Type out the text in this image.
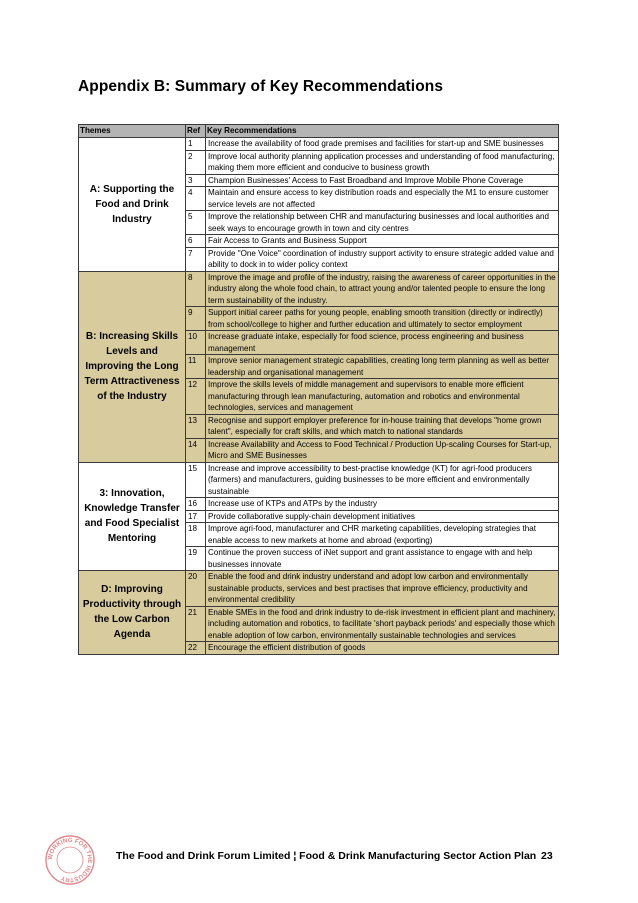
Appendix B: Summary of Key Recommendations
Themes	Ref	Key Recommendations
A: Supporting the Food and Drink Industry	1	Increase the availability of food grade premises and facilities for start-up and SME businesses
	2	Improve local authority planning application processes and understanding of food manufacturing, making them more efficient and conducive to business growth
	3	Champion Businesses' Access to Fast Broadband and Improve Mobile Phone Coverage
	4	Maintain and ensure access to key distribution roads and especially the M1 to ensure customer service levels are not affected
	5	Improve the relationship between CHR and manufacturing businesses and local authorities and seek ways to encourage growth in town and city centres
	6	Fair Access to Grants and Business Support
	7	Provide "One Voice" coordination of industry support activity to ensure strategic added value and ability to dock in to wider policy context
B: Increasing Skills Levels and Improving the Long Term Attractiveness of the Industry	8	Improve the image and profile of the industry, raising the awareness of career opportunities in the industry along the whole food chain, to attract young and/or talented people to ensure the long term sustainability of the industry.
	9	Support initial career paths for young people, enabling smooth transition (directly or indirectly) from school/college to higher and further education and ultimately to sector employment
	10	Increase graduate intake, especially for food science, process engineering and business management
	11	Improve senior management strategic capabilities, creating long term planning as well as better leadership and organisational management
	12	Improve the skills levels of middle management and supervisors to enable more efficient manufacturing through lean manufacturing, automation and robotics and environmental technologies, services and management
	13	Recognise and support employer preference for in-house training that develops "home grown talent", especially for craft skills, and which match to national standards
	14	Increase Availability and Access to Food Technical / Production Up-scaling Courses for Start-up, Micro and SME Businesses
3: Innovation, Knowledge Transfer and Food Specialist Mentoring	15	Increase and improve accessibility to best-practise knowledge (KT) for agri-food producers (farmers) and manufacturers, guiding businesses to be more efficient and environmentally sustainable
	16	Increase use of KTPs and ATPs by the industry
	17	Provide collaborative supply-chain development initiatives
	18	Improve agri-food, manufacturer and CHR marketing capabilities, developing strategies that enable access to new markets at home and abroad (exporting)
	19	Continue the proven success of iNet support and grant assistance to engage with and help businesses innovate
D: Improving Productivity through the Low Carbon Agenda	20	Enable the food and drink industry understand and adopt low carbon and environmentally sustainable products, services and best practises that improve efficiency, productivity and environmental credibility
	21	Enable SMEs in the food and drink industry to de-risk investment in efficient plant and machinery, including automation and robotics, to facilitate 'short payback periods' and especially those which enable adoption of low carbon, environmentally sustainable technologies and services
	22	Encourage the efficient distribution of goods
WORKING FOR THE INDUSTRY
The Food and Drink Forum Limited ¦ Food & Drink Manufacturing Sector Action Plan 23
